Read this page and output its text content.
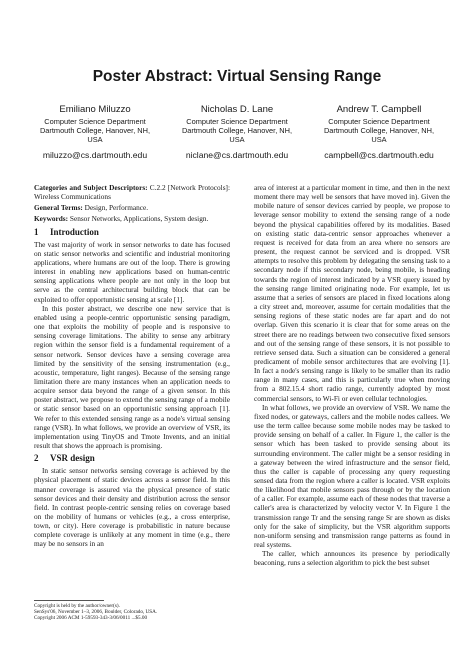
Poster Abstract: Virtual Sensing Range
Emiliano Miluzzo
Computer Science Department
Dartmouth College, Hanover, NH,
USA
miluzzo@cs.dartmouth.edu
Nicholas D. Lane
Computer Science Department
Dartmouth College, Hanover, NH,
USA
niclane@cs.dartmouth.edu
Andrew T. Campbell
Computer Science Department
Dartmouth College, Hanover, NH,
USA
campbell@cs.dartmouth.edu

Categories and Subject Descriptors: C.2.2 [Network Protocols]: Wireless Communications

General Terms: Design, Performance.

Keywords: Sensor Networks, Applications, System design.

1 Introduction

The vast majority of work in sensor networks to date has focused on static sensor networks and scientific and industrial monitoring applications, where humans are out of the loop. There is growing interest in enabling new applications based on human-centric sensing applications where people are not only in the loop but serve as the central architectural building block that can be exploited to offer opportunistic sensing at scale [1].

In this poster abstract, we describe one new service that is enabled using a people-centric opportunistic sensing paradigm, one that exploits the mobility of people and is responsive to sensing coverage limitations. The ability to sense any arbitrary region within the sensor field is a fundamental requirement of a sensor network. Sensor devices have a sensing coverage area limited by the sensitivity of the sensing instrumentation (e.g., acoustic, temperature, light ranges). Because of the sensing range limitation there are many instances when an application needs to acquire sensor data beyond the range of a given sensor. In this poster abstract, we propose to extend the sensing range of a mobile or static sensor based on an opportunistic sensing approach [1]. We refer to this extended sensing range as a node's virtual sensing range (VSR). In what follows, we provide an overview of VSR, its implementation using TinyOS and Tmote Invents, and an initial result that shows the approach is promising.

2 VSR design

In static sensor networks sensing coverage is achieved by the physical placement of static devices across a sensor field. In this manner coverage is assured via the physical presence of static sensor devices and their density and distribution across the sensor field. In contrast people-centric sensing relies on coverage based on the mobility of humans or vehicles (e.g., a cross enterprise, town, or city). Here coverage is probabilistic in nature because complete coverage is unlikely at any moment in time (e.g., there may be no sensors in an

area of interest at a particular moment in time, and then in the next moment there may well be sensors that have moved in). Given the mobile nature of sensor devices carried by people, we propose to leverage sensor mobility to extend the sensing range of a node beyond the physical capabilities offered by its modalities. Based on existing static data-centric sensor approaches whenever a request is received for data from an area where no sensors are present, the request cannot be serviced and is dropped. VSR attempts to resolve this problem by delegating the sensing task to a secondary node if this secondary node, being mobile, is heading towards the region of interest indicated by a VSR query issued by the sensing range limited originating node. For example, let us assume that a series of sensors are placed in fixed locations along a city street and, moreover, assume for certain modalities that the sensing regions of these static nodes are far apart and do not overlap. Given this scenario it is clear that for some areas on the street there are no readings between two consecutive fixed sensors and out of the sensing range of these sensors, it is not possible to retrieve sensed data. Such a situation can be considered a general predicament of mobile sensor architectures that are evolving [1]. In fact a node's sensing range is likely to be smaller than its radio range in many cases, and this is particularly true when moving from a 802.15.4 short radio range, currently adopted by most commercial sensors, to Wi-Fi or even cellular technologies.

In what follows, we provide an overview of VSR. We name the fixed nodes, or gateways, callers and the mobile nodes callees. We use the term callee because some mobile nodes may be tasked to provide sensing on behalf of a caller. In Figure 1, the caller is the sensor which has been tasked to provide sensing about its surrounding environment. The caller might be a sensor residing in a gateway between the wired infrastructure and the sensor field, thus the caller is capable of processing any query requesting sensed data from the region where a caller is located. VSR exploits the likelihood that mobile sensors pass through or by the location of a caller. For example, assume each of these nodes that traverse a caller's area is characterized by velocity vector V. In Figure 1 the transmission range Tr and the sensing range Sr are shown as disks only for the sake of simplicity, but the VSR algorithm supports non-uniform sensing and transmission range patterns as found in real systems.

The caller, which announces its presence by periodically beaconing, runs a selection algorithm to pick the best subset

Copyright is held by the author/owner(s).
SenSys'06, November 1–3, 2006, Boulder, Colorado, USA.
Copyright 2006 ACM 1-59593-343-3/06/0011 ...$5.00
